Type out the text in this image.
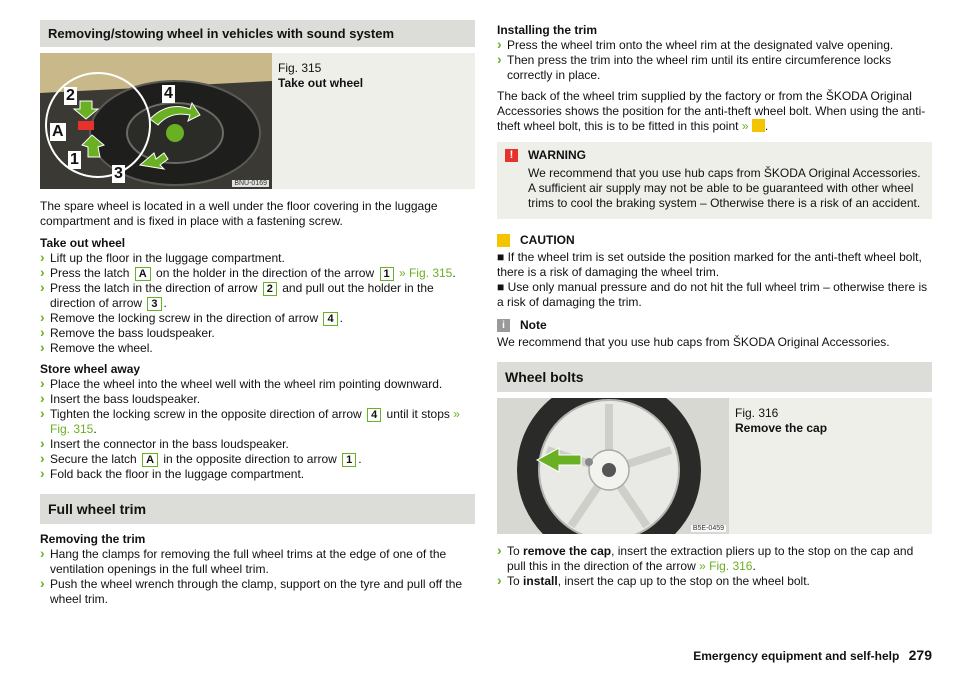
Removing/stowing wheel in vehicles with sound system
2	4
A
1
3
BNU-0169
Fig. 315
Take out wheel

The spare wheel is located in a well under the floor covering in the luggage compartment and is fixed in place with a fastening screw.

Take out wheel
› Lift up the floor in the luggage compartment.
› Press the latch A on the holder in the direction of the arrow 1 » Fig. 315.
› Press the latch in the direction of arrow 2 and pull out the holder in the direction of arrow 3 .
› Remove the locking screw in the direction of arrow 4 .
› Remove the bass loudspeaker.
› Remove the wheel.
Store wheel away
› Place the wheel into the wheel well with the wheel rim pointing downward.
› Insert the bass loudspeaker.
› Tighten the locking screw in the opposite direction of arrow 4 until it stops » Fig. 315.
› Insert the connector in the bass loudspeaker.
› Secure the latch A in the opposite direction to arrow 1 .
› Fold back the floor in the luggage compartment.
Full wheel trim
Removing the trim
› Hang the clamps for removing the full wheel trims at the edge of one of the ventilation openings in the full wheel trim.
› Push the wheel wrench through the clamp, support on the tyre and pull off the wheel trim.
Installing the trim
› Press the wheel trim onto the wheel rim at the designated valve opening.
› Then press the trim into the wheel rim until its entire circumference locks correctly in place.

The back of the wheel trim supplied by the factory or from the ŠKODA Original Accessories shows the position for the anti-theft wheel bolt. When using the anti-theft wheel bolt, this is to be fitted in this point » .

!	WARNING
We recommend that you use hub caps from ŠKODA Original Accessories. A sufficient air supply may not be able to be guaranteed with other wheel trims to cool the braking system – Otherwise there is a risk of an accident.
CAUTION

■ If the wheel trim is set outside the position marked for the anti-theft wheel bolt, there is a risk of damaging the wheel trim.

■ Use only manual pressure and do not hit the full wheel trim – otherwise there is a risk of damaging the trim.

i	Note

We recommend that you use hub caps from ŠKODA Original Accessories.

Wheel bolts
B5E-0459
Fig. 316
Remove the cap
› To remove the cap, insert the extraction pliers up to the stop on the cap and pull this in the direction of the arrow » Fig. 316.
› To install, insert the cap up to the stop on the wheel bolt.
Emergency equipment and self-help 279
